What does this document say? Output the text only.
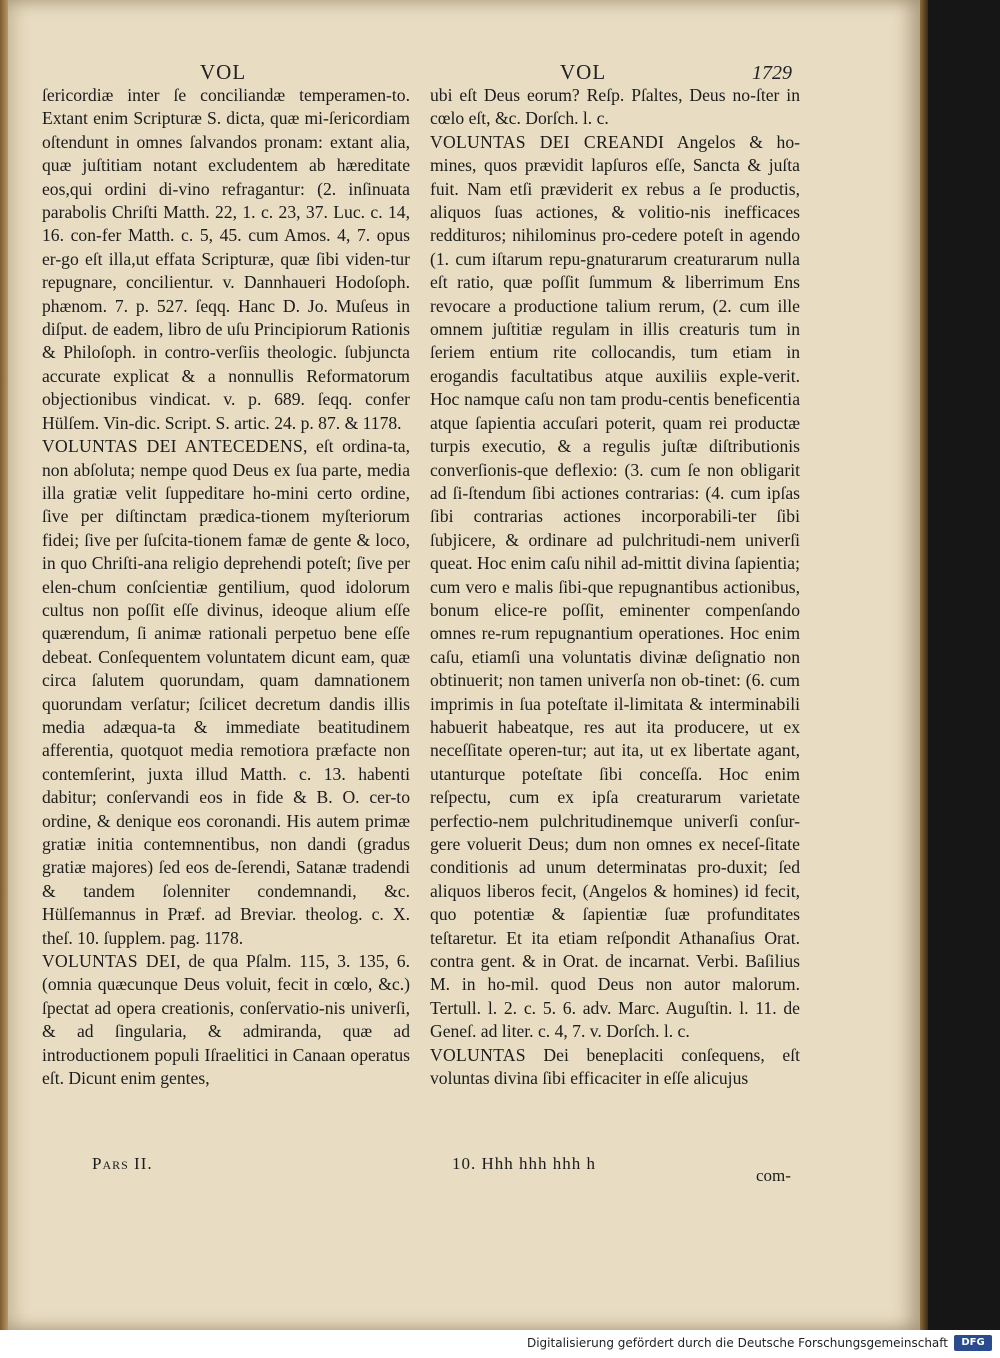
VOL	VOL	1729

ſericordiæ inter ſe conciliandæ temperamen-to. Extant enim Scripturæ S. dicta, quæ mi-ſericordiam oſtendunt in omnes ſalvandos pronam: extant alia, quæ juſtitiam notant excludentem ab hæreditate eos,qui ordini di-vino refragantur: (2. inſinuata parabolis Chriſti Matth. 22, 1. c. 23, 37. Luc. c. 14, 16. con-fer Matth. c. 5, 45. cum Amos. 4, 7. opus er-go eſt illa,ut effata Scripturæ, quæ ſibi viden-tur repugnare, concilientur. v. Dannhaueri Hodoſoph. phænom. 7. p. 527. ſeqq. Hanc D. Jo. Muſeus in diſput. de eadem, libro de uſu Principiorum Rationis & Philoſoph. in contro-verſiis theologic. ſubjuncta accurate explicat & a nonnullis Reformatorum objectionibus vindicat. v. p. 689. ſeqq. confer Hülſem. Vin-dic. Script. S. artic. 24. p. 87. & 1178.

VOLUNTAS DEI ANTECEDENS, eſt ordina-ta, non abſoluta; nempe quod Deus ex ſua parte, media illa gratiæ velit ſuppeditare ho-mini certo ordine, ſive per diſtinctam prædica-tionem myſteriorum fidei; ſive per ſuſcita-tionem famæ de gente & loco, in quo Chriſti-ana religio deprehendi poteſt; ſive per elen-chum conſcientiæ gentilium, quod idolorum cultus non poſſit eſſe divinus, ideoque alium eſſe quærendum, ſi animæ rationali perpetuo bene eſſe debeat. Conſequentem voluntatem dicunt eam, quæ circa ſalutem quorundam, quam damnationem quorundam verſatur; ſcilicet decretum dandis illis media adæqua-ta & immediate beatitudinem afferentia, quotquot media remotiora præfacte non contemſerint, juxta illud Matth. c. 13. habenti dabitur; conſervandi eos in fide & B. O. cer-to ordine, & denique eos coronandi. His autem primæ gratiæ initia contemnentibus, non dandi (gradus gratiæ majores) ſed eos de-ſerendi, Satanæ tradendi & tandem ſolenniter condemnandi, &c. Hülſemannus in Præf. ad Breviar. theolog. c. X. theſ. 10. ſupplem. pag. 1178.

VOLUNTAS DEI, de qua Pſalm. 115, 3. 135, 6. (omnia quæcunque Deus voluit, fecit in cœlo, &c.) ſpectat ad opera creationis, conſervatio-nis univerſi, & ad ſingularia, & admiranda, quæ ad introductionem populi Iſraelitici in Canaan operatus eſt. Dicunt enim gentes,

ubi eſt Deus eorum? Reſp. Pſaltes, Deus no-ſter in cœlo eſt, &c. Dorſch. l. c.

VOLUNTAS DEI CREANDI Angelos & ho-mines, quos prævidit lapſuros eſſe, Sancta & juſta fuit. Nam etſi præviderit ex rebus a ſe productis, aliquos ſuas actiones, & volitio-nis inefficaces reddituros; nihilominus pro-cedere poteſt in agendo (1. cum iſtarum repu-gnaturarum creaturarum nulla eſt ratio, quæ poſſit ſummum & liberrimum Ens revocare a productione talium rerum, (2. cum ille omnem juſtitiæ regulam in illis creaturis tum in ſeriem entium rite collocandis, tum etiam in erogandis facultatibus atque auxiliis exple-verit. Hoc namque caſu non tam produ-centis beneficentia atque ſapientia accuſari poterit, quam rei productæ turpis executio, & a regulis juſtæ diſtributionis converſionis-que deflexio: (3. cum ſe non obligarit ad ſi-ſtendum ſibi actiones contrarias: (4. cum ipſas ſibi contrarias actiones incorporabili-ter ſibi ſubjicere, & ordinare ad pulchritudi-nem univerſi queat. Hoc enim caſu nihil ad-mittit divina ſapientia; cum vero e malis ſibi-que repugnantibus actionibus, bonum elice-re poſſit, eminenter compenſando omnes re-rum repugnantium operationes. Hoc enim caſu, etiamſi una voluntatis divinæ deſignatio non obtinuerit; non tamen univerſa non ob-tinet: (6. cum imprimis in ſua poteſtate il-limitata & interminabili habuerit habeatque, res aut ita producere, ut ex neceſſitate operen-tur; aut ita, ut ex libertate agant, utanturque poteſtate ſibi conceſſa. Hoc enim reſpectu, cum ex ipſa creaturarum varietate perfectio-nem pulchritudinemque univerſi conſur-gere voluerit Deus; dum non omnes ex neceſ-ſitate conditionis ad unum determinatas pro-duxit; ſed aliquos liberos fecit, (Angelos & homines) id fecit, quo potentiæ & ſapientiæ ſuæ profunditates teſtaretur. Et ita etiam reſpondit Athanaſius Orat. contra gent. & in Orat. de incarnat. Verbi. Baſilius M. in ho-mil. quod Deus non autor malorum. Tertull. l. 2. c. 5. 6. adv. Marc. Auguſtin. l. 11. de Geneſ. ad liter. c. 4, 7. v. Dorſch. l. c.

VOLUNTAS Dei beneplaciti conſequens, eſt voluntas divina ſibi efficaciter in eſſe alicujus

Pars II.	10. Hhh hhh hhh h
com-
Digitalisierung gefördert durch die Deutsche Forschungsgemeinschaft	DFG
